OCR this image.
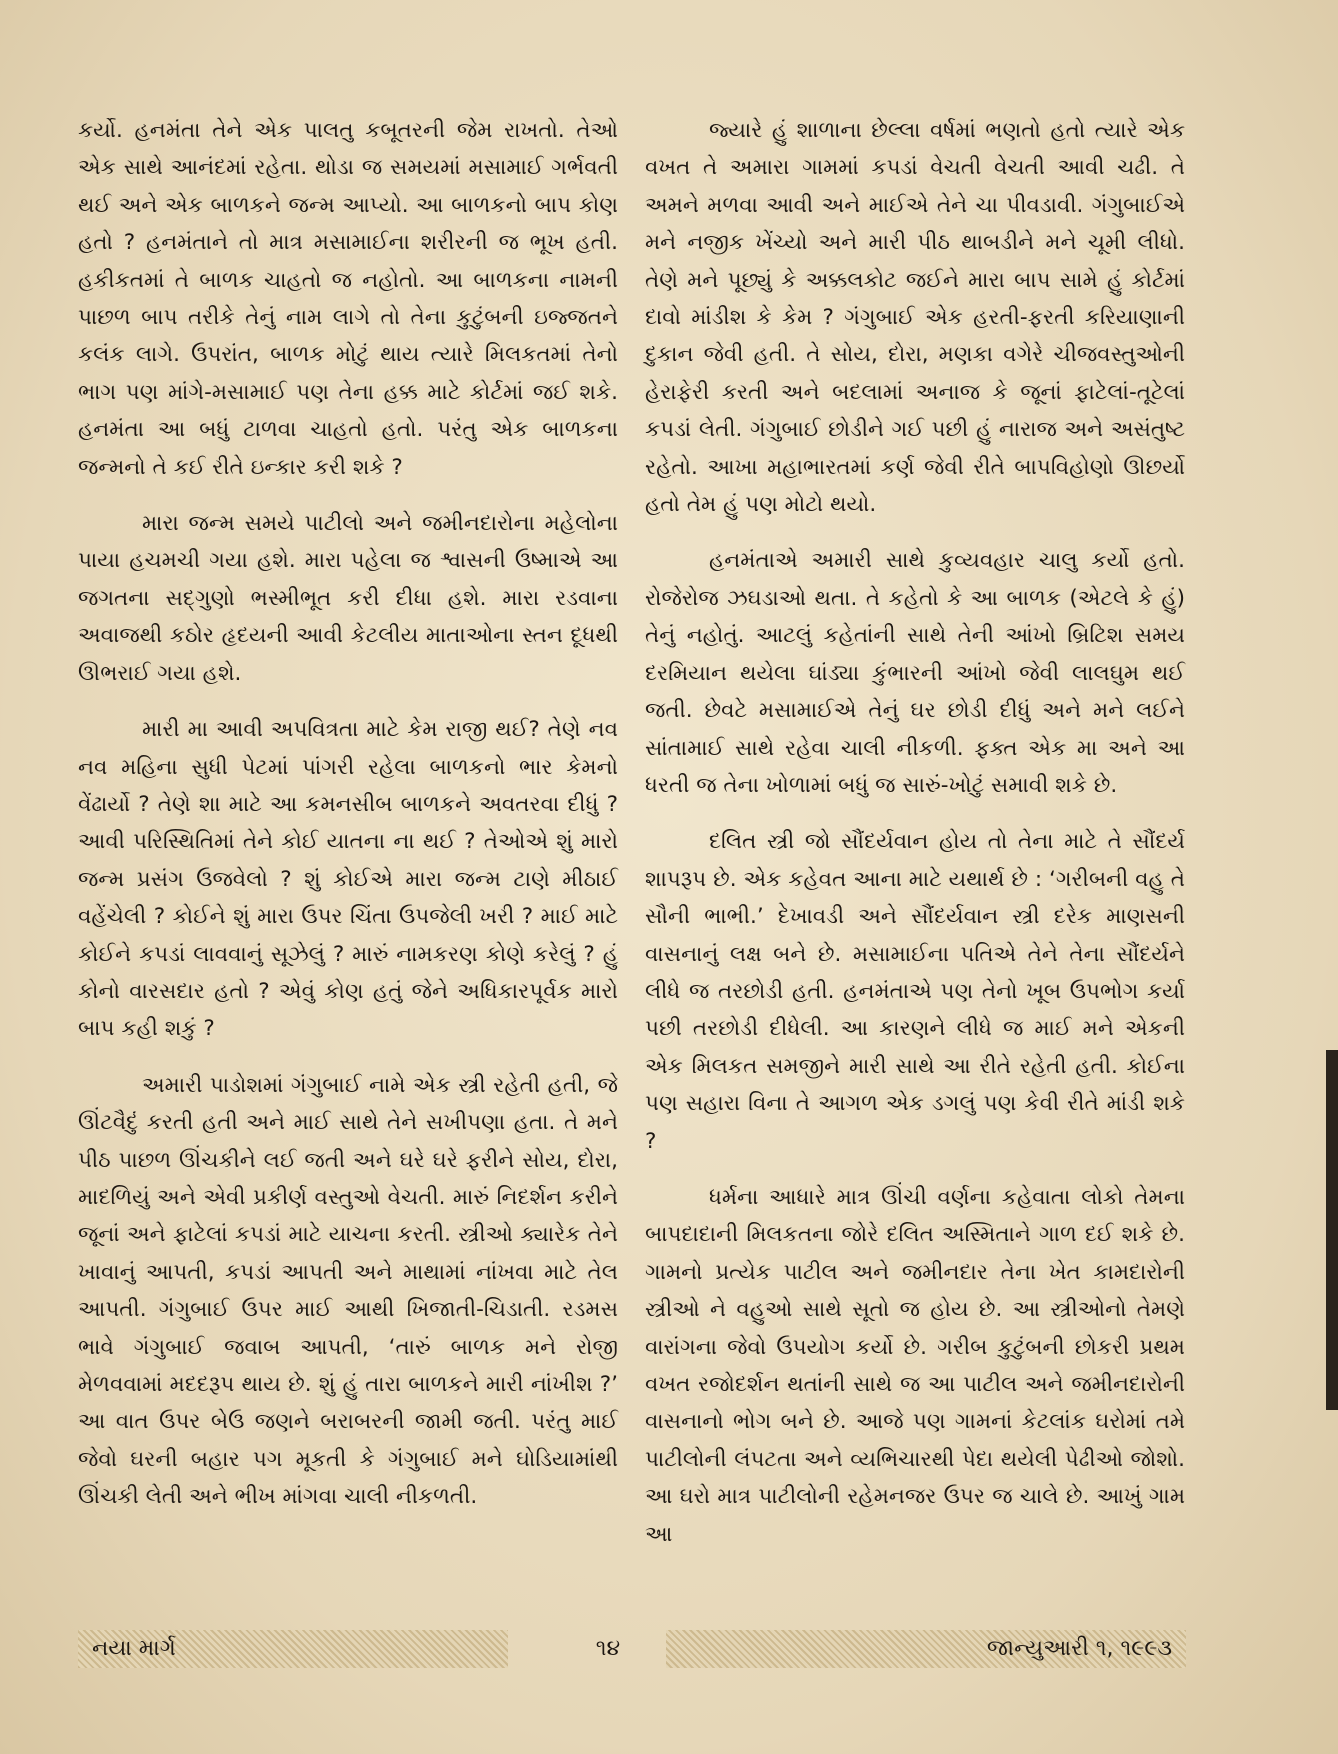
કર્યો. હનમંતા તેને એક પાલતુ કબૂતરની જેમ રાખતો. તેઓ એક સાથે આનંદમાં રહેતા. થોડા જ સમયમાં મસામાઈ ગર્ભવતી થઈ અને એક બાળકને જન્મ આપ્યો. આ બાળકનો બાપ કોણ હતો ? હનમંતાને તો માત્ર મસામાઈના શરીરની જ ભૂખ હતી. હકીકતમાં તે બાળક ચાહતો જ નહોતો. આ બાળકના નામની પાછળ બાપ તરીકે તેનું નામ લાગે તો તેના કુટુંબની ઇજ્જતને કલંક લાગે. ઉપરાંત, બાળક મોટું થાય ત્યારે મિલકતમાં તેનો ભાગ પણ માંગે-મસામાઈ પણ તેના હક્ક માટે કોર્ટમાં જઈ શકે. હનમંતા આ બધું ટાળવા ચાહતો હતો. પરંતુ એક બાળકના જન્મનો તે કઈ રીતે ઇન્કાર કરી શકે ?

મારા જન્મ સમયે પાટીલો અને જમીનદારોના મહેલોના પાયા હચમચી ગયા હશે. મારા પહેલા જ શ્વાસની ઉષ્માએ આ જગતના સદ્ગુણો ભસ્મીભૂત કરી દીધા હશે. મારા રડવાના અવાજથી કઠોર હૃદયની આવી કેટલીય માતાઓના સ્તન દૂધથી ઊભરાઈ ગયા હશે.

મારી મા આવી અપવિત્રતા માટે કેમ રાજી થઈ? તેણે નવ નવ મહિના સુધી પેટમાં પાંગરી રહેલા બાળકનો ભાર કેમનો વેંઢાર્યો ? તેણે શા માટે આ કમનસીબ બાળકને અવતરવા દીધું ? આવી પરિસ્થિતિમાં તેને કોઈ યાતના ના થઈ ? તેઓએ શું મારો જન્મ પ્રસંગ ઉજવેલો ? શું કોઈએ મારા જન્મ ટાણે મીઠાઈ વહેંચેલી ? કોઈને શું મારા ઉપર ચિંતા ઉપજેલી ખરી ? માઈ માટે કોઈને કપડાં લાવવાનું સૂઝેલું ? મારું નામકરણ કોણે કરેલું ? હું કોનો વારસદાર હતો ? એવું કોણ હતું જેને અધિકારપૂર્વક મારો બાપ કહી શકું ?

અમારી પાડોશમાં ગંગુબાઈ નામે એક સ્ત્રી રહેતી હતી, જે ઊંટવૈદું કરતી હતી અને માઈ સાથે તેને સખીપણા હતા. તે મને પીઠ પાછળ ઊંચકીને લઈ જતી અને ઘરે ઘરે ફરીને સોય, દોરા, માદળિયું અને એવી પ્રકીર્ણ વસ્તુઓ વેચતી. મારું નિદર્શન કરીને જૂનાં અને ફાટેલાં કપડાં માટે યાચના કરતી. સ્ત્રીઓ ક્યારેક તેને ખાવાનું આપતી, કપડાં આપતી અને માથામાં નાંખવા માટે તેલ આપતી. ગંગુબાઈ ઉપર માઈ આથી ખિજાતી-ચિડાતી. રડમસ ભાવે ગંગુબાઈ જવાબ આપતી, ‘તારું બાળક મને રોજી મેળવવામાં મદદરૂપ થાય છે. શું હું તારા બાળકને મારી નાંખીશ ?’ આ વાત ઉપર બેઉ જણને બરાબરની જામી જતી. પરંતુ માઈ જેવો ઘરની બહાર પગ મૂકતી કે ગંગુબાઈ મને ઘોડિયામાંથી ઊંચકી લેતી અને ભીખ માંગવા ચાલી નીકળતી.

જ્યારે હું શાળાના છેલ્લા વર્ષમાં ભણતો હતો ત્યારે એક વખત તે અમારા ગામમાં કપડાં વેચતી વેચતી આવી ચઢી. તે અમને મળવા આવી અને માઈએ તેને ચા પીવડાવી. ગંગુબાઈએ મને નજીક ખેંચ્યો અને મારી પીઠ થાબડીને મને ચૂમી લીધો. તેણે મને પૂછ્યું કે અક્કલકોટ જઈને મારા બાપ સામે હું કોર્ટમાં દાવો માંડીશ કે કેમ ? ગંગુબાઈ એક હરતી-ફરતી કરિયાણાની દુકાન જેવી હતી. તે સોય, દોરા, મણકા વગેરે ચીજવસ્તુઓની હેરાફેરી કરતી અને બદલામાં અનાજ કે જૂનાં ફાટેલાં-તૂટેલાં કપડાં લેતી. ગંગુબાઈ છોડીને ગઈ પછી હું નારાજ અને અસંતુષ્ટ રહેતો. આખા મહાભારતમાં કર્ણ જેવી રીતે બાપવિહોણો ઊછર્યો હતો તેમ હું પણ મોટો થયો.

હનમંતાએ અમારી સાથે કુવ્યવહાર ચાલુ કર્યો હતો. રોજેરોજ ઝઘડાઓ થતા. તે કહેતો કે આ બાળક (એટલે કે હું) તેનું નહોતું. આટલું કહેતાંની સાથે તેની આંખો બ્રિટિશ સમય દરમિયાન થયેલા ઘાંડ્યા કુંભારની આંખો જેવી લાલઘુમ થઈ જતી. છેવટે મસામાઈએ તેનું ઘર છોડી દીધું અને મને લઈને સાંતામાઈ સાથે રહેવા ચાલી નીકળી. ફક્ત એક મા અને આ ધરતી જ તેના ખોળામાં બધું જ સારું-ખોટું સમાવી શકે છે.

દલિત સ્ત્રી જો સૌંદર્યવાન હોય તો તેના માટે તે સૌંદર્ય શાપરૂપ છે. એક કહેવત આના માટે યથાર્થ છે : ‘ગરીબની વહુ તે સૌની ભાભી.’ દેખાવડી અને સૌંદર્યવાન સ્ત્રી દરેક માણસની વાસનાનું લક્ષ બને છે. મસામાઈના પતિએ તેને તેના સૌંદર્યને લીધે જ તરછોડી હતી. હનમંતાએ પણ તેનો ખૂબ ઉપભોગ કર્યા પછી તરછોડી દીધેલી. આ કારણને લીધે જ માઈ મને એકની એક મિલકત સમજીને મારી સાથે આ રીતે રહેતી હતી. કોઈના પણ સહારા વિના તે આગળ એક ડગલું પણ કેવી રીતે માંડી શકે ?

ધર્મના આધારે માત્ર ઊંચી વર્ણના કહેવાતા લોકો તેમના બાપદાદાની મિલકતના જોરે દલિત અસ્મિતાને ગાળ દઈ શકે છે. ગામનો પ્રત્યેક પાટીલ અને જમીનદાર તેના ખેત કામદારોની સ્ત્રીઓ ને વહુઓ સાથે સૂતો જ હોય છે. આ સ્ત્રીઓનો તેમણે વારાંગના જેવો ઉપયોગ કર્યો છે. ગરીબ કુટુંબની છોકરી પ્રથમ વખત રજોદર્શન થતાંની સાથે જ આ પાટીલ અને જમીનદારોની વાસનાનો ભોગ બને છે. આજે પણ ગામનાં કેટલાંક ઘરોમાં તમે પાટીલોની લંપટતા અને વ્યભિચારથી પેદા થયેલી પેઢીઓ જોશો. આ ઘરો માત્ર પાટીલોની રહેમનજર ઉપર જ ચાલે છે. આખું ગામ આ

નયા માર્ગ	૧૪	જાન્યુઆરી ૧, ૧૯૯૩
